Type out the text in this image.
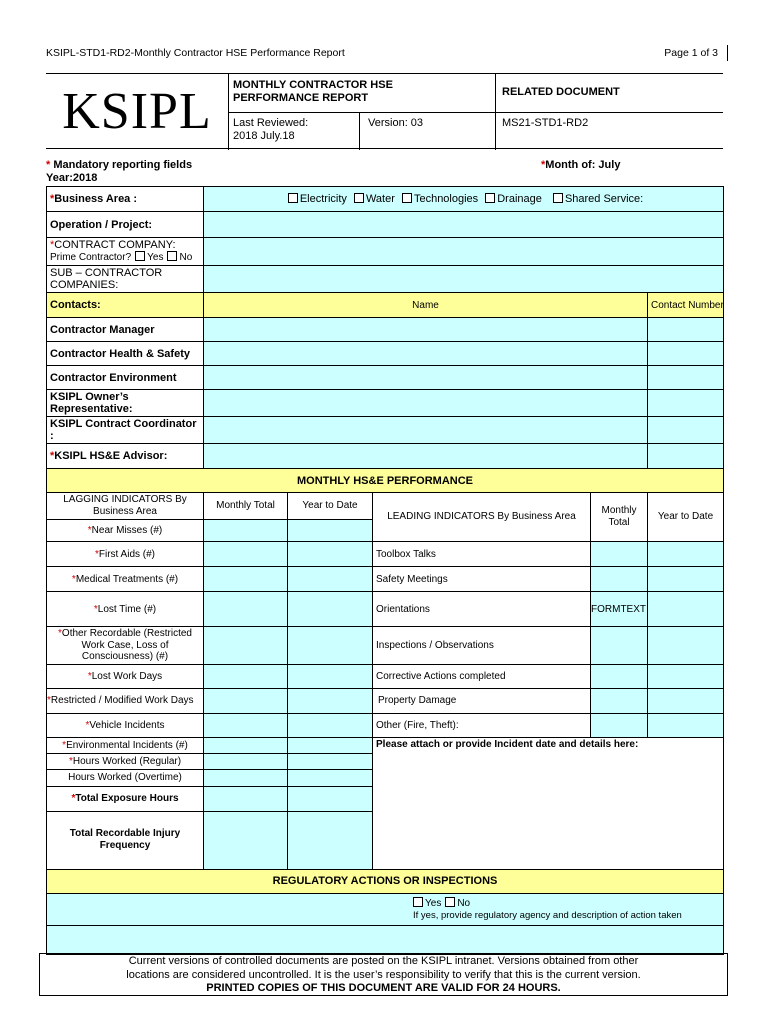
KSIPL-STD1-RD2-Monthly Contractor HSE Performance Report	Page 1 of 3
KSIPL	MONTHLY CONTRACTOR HSE PERFORMANCE REPORT	RELATED DOCUMENT
Last Reviewed:
2018 July.18
Version: 03	MS21-STD1-RD2
* Mandatory reporting fields
Year:2018
*Month of: July
*Business Area :	Electricity Water Technologies Drainage Shared Service:				
Operation / Project:					

*CONTRACT COMPANY:
Prime Contractor? Yes No					

SUB – CONTRACTOR COMPANIES:					
Contacts:	Name				Contact Number
Contractor Manager					
Contractor Health & Safety					
Contractor Environment					
KSIPL Owner’s Representative:					
KSIPL Contract Coordinator :					
*KSIPL HS&E Advisor:					
MONTHLY HS&E PERFORMANCE					
LAGGING INDICATORS By Business Area	Monthly Total	Year to Date	LEADING INDICATORS By Business Area	Monthly Total	Year to Date
*Near Misses (#)					
*First Aids (#)			Toolbox Talks		
*Medical Treatments (#)			Safety Meetings		
*Lost Time (#)			Orientations	FORMTEXT	
*Other Recordable (Restricted Work Case, Loss of Consciousness) (#)			Inspections / Observations		
*Lost Work Days			Corrective Actions completed		
*Restricted / Modified Work Days			Property Damage		
*Vehicle Incidents			Other (Fire, Theft):		
*Environmental Incidents (#)			Please attach or provide Incident date and details here:		
*Hours Worked (Regular)					
Hours Worked (Overtime)					
*Total Exposure Hours					
Total Recordable Injury Frequency					

REGULATORY ACTIONS OR INSPECTIONS					

Yes No
If yes, provide regulatory agency and description of action taken					

Current versions of controlled documents are posted on the KSIPL intranet. Versions obtained from other
locations are considered uncontrolled. It is the user’s responsibility to verify that this is the current version.
PRINTED COPIES OF THIS DOCUMENT ARE VALID FOR 24 HOURS.
